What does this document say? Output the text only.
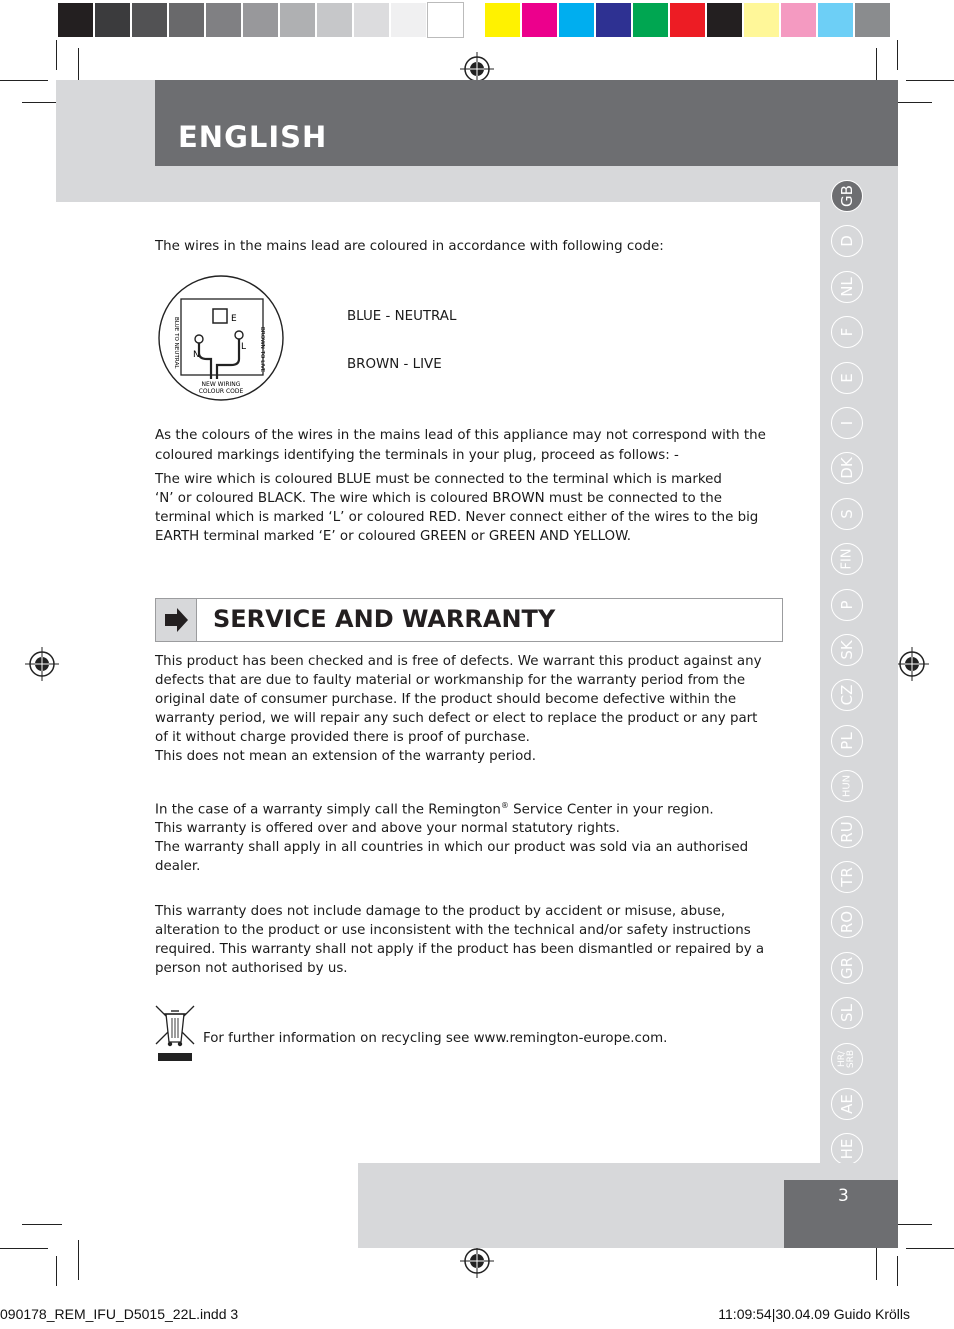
ENGLISH
GB
D
NL
F
E
I
DK
S
FIN
P
SK
CZ
PL
HUN
RU
TR
RO
GR
SL
HR/ SRB
AE
HE
The wires in the mains lead are coloured in accordance with following code:
E
N
L
BLUE TO NEUTRAL	BROWN TO LIVE
NEW WIRING
COLOUR CODE
BLUE - NEUTRAL
BROWN - LIVE
As the colours of the wires in the mains lead of this appliance may not correspond with the
coloured markings identifying the terminals in your plug, proceed as follows: -
The wire which is coloured BLUE must be connected to the terminal which is marked
‘N’ or coloured BLACK. The wire which is coloured BROWN must be connected to the
terminal which is marked ‘L’ or coloured RED. Never connect either of the wires to the big
EARTH terminal marked ‘E’ or coloured GREEN or GREEN AND YELLOW.
SERVICE AND WARRANTY
This product has been checked and is free of defects. We warrant this product against any
defects that are due to faulty material or workmanship for the warranty period from the
original date of consumer purchase. If the product should become defective within the
warranty period, we will repair any such defect or elect to replace the product or any part
of it without charge provided there is proof of purchase.
This does not mean an extension of the warranty period.
In the case of a warranty simply call the Remington® Service Center in your region.
This warranty is offered over and above your normal statutory rights.
The warranty shall apply in all countries in which our product was sold via an authorised
dealer.
This warranty does not include damage to the product by accident or misuse, abuse,
alteration to the product or use inconsistent with the technical and/or safety instructions
required. This warranty shall not apply if the product has been dismantled or repaired by a
person not authorised by us.
For further information on recycling see www.remington-europe.com.
3
090178_REM_IFU_D5015_22L.indd 3	11:09:54|30.04.09 Guido Krölls
